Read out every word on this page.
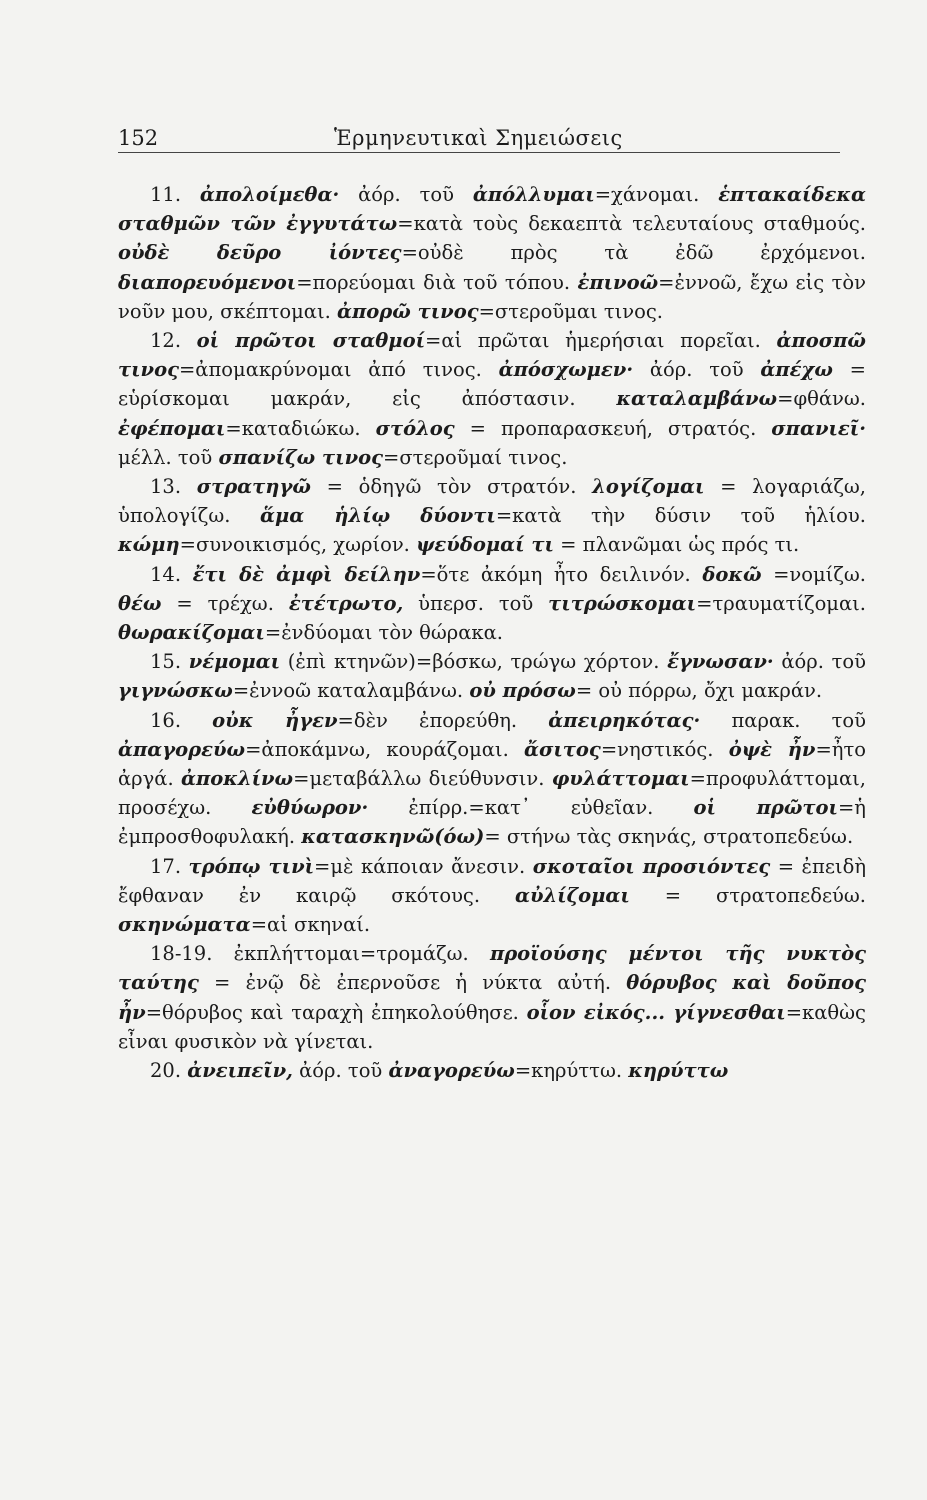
152	Ἑρμηνευτικαὶ Σημειώσεις

11. ἀπολοίμεθα· ἀόρ. τοῦ ἀπόλλυμαι=χάνομαι. ἑπτακαίδεκα σταθμῶν τῶν ἐγγυτάτω=κατὰ τοὺς δεκαεπτὰ τελευταίους σταθμούς. οὐδὲ δεῦρο ἰόντες=οὐδὲ πρὸς τὰ ἐδῶ ἐρχόμενοι. διαπορευόμενοι=πορεύομαι διὰ τοῦ τόπου. ἐπινοῶ=ἐννοῶ, ἔχω εἰς τὸν νοῦν μου, σκέπτομαι. ἀπορῶ τινος=στεροῦμαι τινος.

12. οἱ πρῶτοι σταθμοί=αἱ πρῶται ἡμερήσιαι πορεῖαι. ἀποσπῶ τινος=ἀπομακρύνομαι ἀπό τινος. ἀπόσχωμεν· ἀόρ. τοῦ ἀπέχω = εὑρίσκομαι μακράν, εἰς ἀπόστασιν. καταλαμβάνω=φθάνω. ἐφέπομαι=καταδιώκω. στόλος = προπαρασκευή, στρατός. σπανιεῖ· μέλλ. τοῦ σπανίζω τινος=στεροῦμαί τινος.

13. στρατηγῶ = ὁδηγῶ τὸν στρατόν. λογίζομαι = λογαριάζω, ὑπολογίζω. ἅμα ἡλίῳ δύοντι=κατὰ τὴν δύσιν τοῦ ἡλίου. κώμη=συνοικισμός, χωρίον. ψεύδομαί τι = πλανῶμαι ὡς πρός τι.

14. ἔτι δὲ ἀμφὶ δείλην=ὅτε ἀκόμη ἦτο δειλινόν. δοκῶ =νομίζω. θέω = τρέχω. ἐτέτρωτο, ὑπερσ. τοῦ τιτρώσκομαι=τραυματίζομαι. θωρακίζομαι=ἐνδύομαι τὸν θώρακα.

15. νέμομαι (ἐπὶ κτηνῶν)=βόσκω, τρώγω χόρτον. ἔγνωσαν· ἀόρ. τοῦ γιγνώσκω=ἐννοῶ καταλαμβάνω. οὐ πρόσω= οὐ πόρρω, ὄχι μακράν.

16. οὐκ ἦγεν=δὲν ἐπορεύθη. ἀπειρηκότας· παρακ. τοῦ ἀπαγορεύω=ἀποκάμνω, κουράζομαι. ἄσιτος=νηστικός. ὀψὲ ἦν=ἦτο ἀργά. ἀποκλίνω=μεταβάλλω διεύθυνσιν. φυλάττομαι=προφυλάττομαι, προσέχω. εὐθύωρον· ἐπίρρ.=κατ᾽ εὐθεῖαν. οἱ πρῶτοι=ἡ ἐμπροσθοφυλακή. κατασκηνῶ(όω)= στήνω τὰς σκηνάς, στρατοπεδεύω.

17. τρόπῳ τινὶ=μὲ κάποιαν ἄνεσιν. σκοταῖοι προσιόντες = ἐπειδὴ ἔφθαναν ἐν καιρῷ σκότους. αὐλίζομαι = στρατοπεδεύω. σκηνώματα=αἱ σκηναί.

18-19. ἐκπλήττομαι=τρομάζω. προϊούσης μέντοι τῆς νυκτὸς ταύτης = ἐνῷ δὲ ἐπερνοῦσε ἡ νύκτα αὐτή. θόρυβος καὶ δοῦπος ἦν=θόρυβος καὶ ταραχὴ ἐπηκολούθησε. οἷον εἰκός... γίγνεσθαι=καθὼς εἶναι φυσικὸν νὰ γίνεται.

20. ἀνειπεῖν, ἀόρ. τοῦ ἀναγορεύω=κηρύττω. κηρύττω
